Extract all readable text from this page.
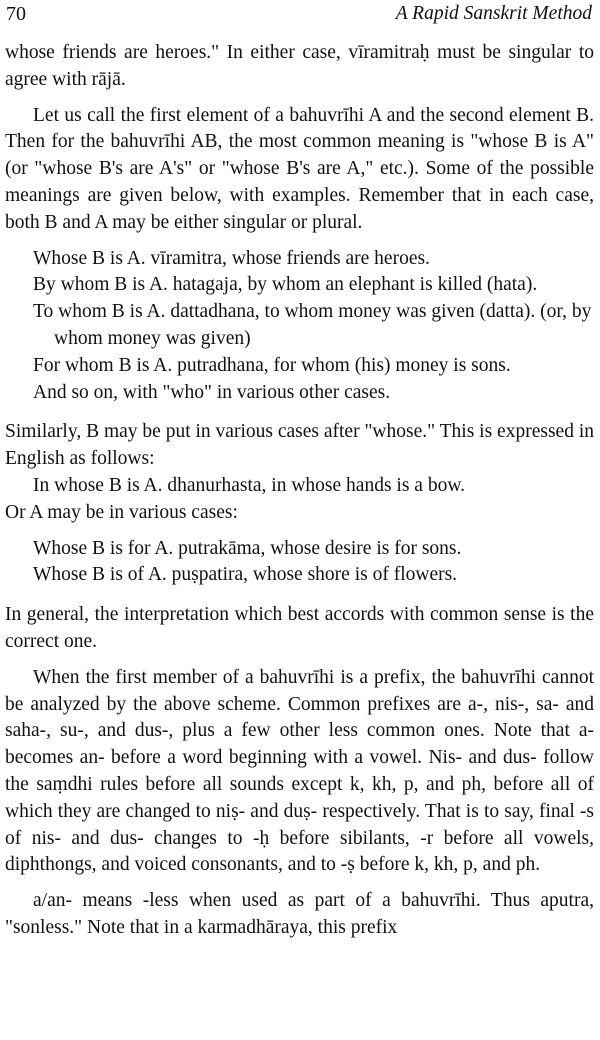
70	A Rapid Sanskrit Method

whose friends are heroes." In either case, vīramitraḥ must be singular to agree with rājā.

Let us call the first element of a bahuvrīhi A and the second element B. Then for the bahuvrīhi AB, the most common meaning is "whose B is A" (or "whose B's are A's" or "whose B's are A," etc.). Some of the possible meanings are given below, with examples. Remember that in each case, both B and A may be either singular or plural.

Whose B is A. vīramitra, whose friends are heroes.

By whom B is A. hatagaja, by whom an elephant is killed (hata).

To whom B is A. dattadhana, to whom money was given (datta). (or, by whom money was given)

For whom B is A. putradhana, for whom (his) money is sons.

And so on, with "who" in various other cases.

Similarly, B may be put in various cases after "whose." This is expressed in English as follows:

In whose B is A. dhanurhasta, in whose hands is a bow.

Or A may be in various cases:

Whose B is for A. putrakāma, whose desire is for sons.

Whose B is of A. puṣpatira, whose shore is of flowers.

In general, the interpretation which best accords with common sense is the correct one.

When the first member of a bahuvrīhi is a prefix, the bahuvrīhi cannot be analyzed by the above scheme. Common prefixes are a-, nis-, sa- and saha-, su-, and dus-, plus a few other less common ones. Note that a- becomes an- before a word beginning with a vowel. Nis- and dus- follow the saṃdhi rules before all sounds except k, kh, p, and ph, before all of which they are changed to niṣ- and duṣ- respectively. That is to say, final -s of nis- and dus- changes to -ḥ before sibilants, -r before all vowels, diphthongs, and voiced consonants, and to -ṣ before k, kh, p, and ph.

a/an- means -less when used as part of a bahuvrīhi. Thus aputra, "sonless." Note that in a karmadhāraya, this prefix
